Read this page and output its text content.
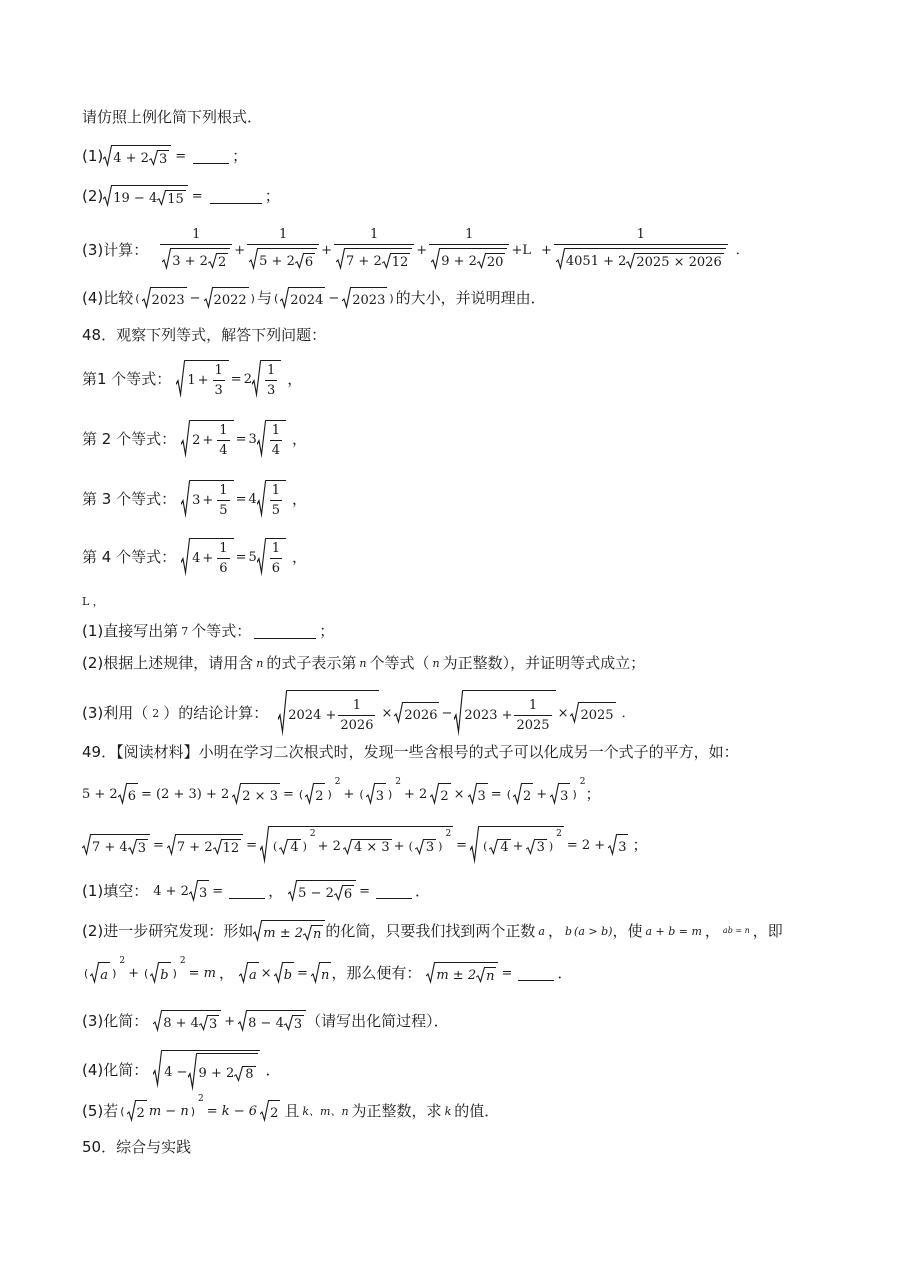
请仿照上例化简下列根式．
(1) 4 + 2 3 =	；
(2) 19 − 4 15 =	；
(3)计算： $\frac{1}{3 + 2 2} + \frac{1}{5 + 2 6} + \frac{1}{7 + 2 12} + \frac{1}{9 + 2 20} +L + \frac{1}{4051 + 2 2025 \times 2026}$ ．
(4)比较 ( 2023 − 2022 ) 与 ( 2024 − 2023 ) 的大小，并说明理由．
48．观察下列等式，解答下列问题：
第1 个等式： $1 + \frac{1}{3} = 2 \frac{1}{3}$ ，
第 2 个等式： $2 + \frac{1}{4} = 3 \frac{1}{4}$ ，
第 3 个等式： $3 + \frac{1}{5} = 4 \frac{1}{5}$ ，
第 4 个等式： $4 + \frac{1}{6} = 5 \frac{1}{6}$ ，
L ，
(1)直接写出第 7 个等式：	；
(2)根据上述规律，请用含 n 的式子表示第 n 个等式（ n 为正整数），并证明等式成立；
(3)利用（ 2 ）的结论计算： $2024 + \frac{1}{2026} \times 2026 - 2023 + \frac{1}{2025} \times 2025$ ．
49．【阅读材料】小明在学习二次根式时，发现一些含根号的式子可以化成另一个式子的平方，如：
5 + 2 6 = (2 + 3) + 2 2 × 3 = ( 2 )
2
+ ( 3 )
2
+ 2 2 × 3 = ( 2 + 3 )
2
；
7 + 4 3 = 7 + 2 12 = ( 4 )
2
+ 2 4 × 3 + ( 3 )
2
= ( 4 + 3 )
2
= 2 + 3 ；
(1)填空： 4 + 2 3 =	， 5 − 2 6 =	．
(2)进一步研究发现：形如 m ± 2 n 的化简，只要我们找到两个正数 a ， b (a > b) ，使 a + b = m ， ab = n ，即
( a )
2
+ ( b )
2
= m ， a × b = n ，那么便有： m ± 2 n =	．
(3)化简： 8 + 4 3 + 8 − 4 3 （请写出化简过程）．
(4)化简： 4 − 9 + 2 8 ．
(5)若 ( 2 m − n )
2
= k − 6 2 且 k、m、n 为正整数，求 k 的值．
50．综合与实践
